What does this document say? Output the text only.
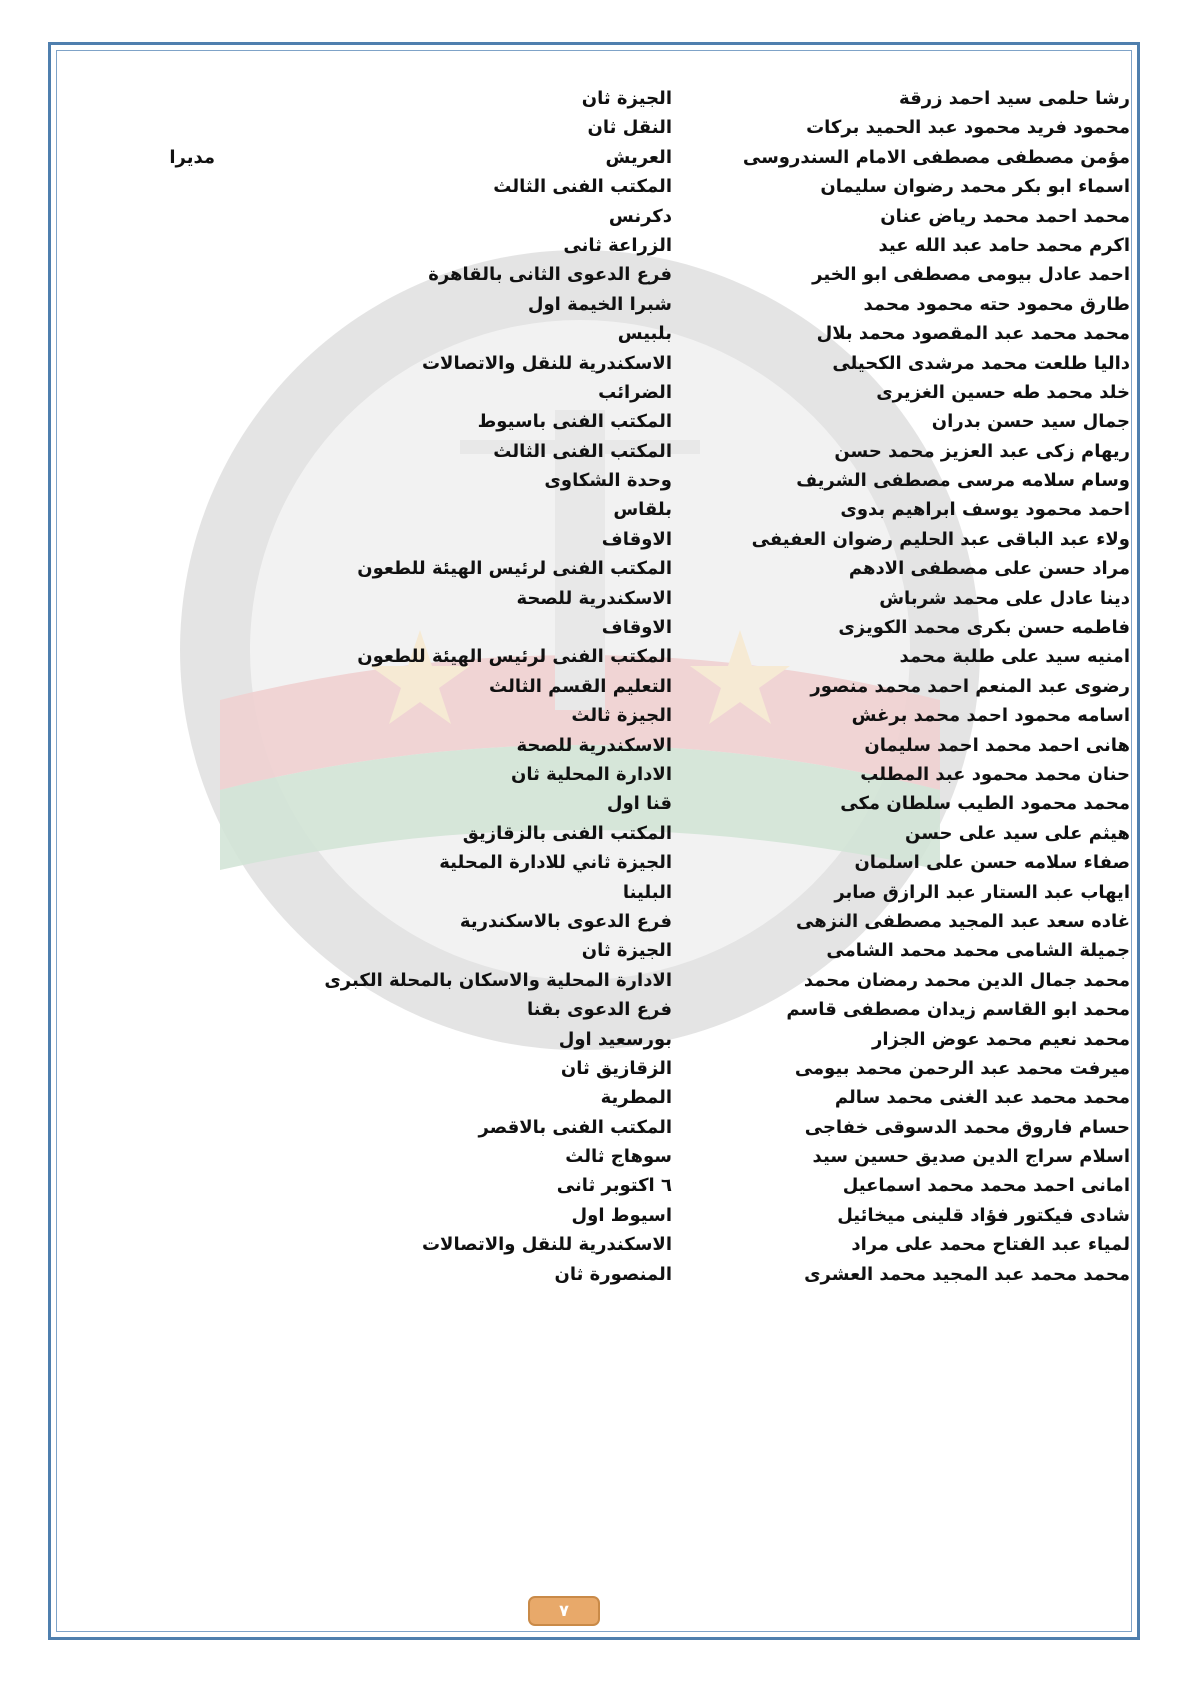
رشا حلمى سيد احمد زرقة
الجيزة ثان
محمود فريد محمود عبد الحميد بركات
النقل ثان
مؤمن مصطفى مصطفى الامام السندروسى
العريش
مديرا
اسماء ابو بكر محمد رضوان سليمان
المكتب الفنى الثالث
محمد احمد محمد رياض عنان
دكرنس
اكرم محمد حامد عبد الله عيد
الزراعة ثانى
احمد عادل بيومى مصطفى ابو الخير
فرع الدعوى الثانى بالقاهرة
طارق محمود حته محمود محمد
شبرا الخيمة اول
محمد محمد عبد المقصود محمد بلال
بلبيس
داليا طلعت محمد مرشدى الكحيلى
الاسكندرية للنقل والاتصالات
خلد محمد طه حسين الغزيرى
الضرائب
جمال سيد حسن بدران
المكتب الفنى باسيوط
ريهام زكى عبد العزيز محمد حسن
المكتب الفنى الثالث
وسام سلامه مرسى مصطفى الشريف
وحدة الشكاوى
احمد محمود يوسف ابراهيم بدوى
بلقاس
ولاء عبد الباقى عبد الحليم رضوان العفيفى
الاوقاف
مراد حسن على مصطفى الادهم
المكتب الفنى لرئيس الهيئة للطعون
دينا عادل على محمد شرباش
الاسكندرية للصحة
فاطمه حسن بكرى محمد الكويزى
الاوقاف
امنيه سيد على طلبة محمد
المكتب الفنى لرئيس الهيئة للطعون
رضوى عبد المنعم احمد محمد منصور
التعليم القسم الثالث
اسامه محمود احمد محمد برغش
الجيزة ثالث
هانى احمد محمد احمد سليمان
الاسكندرية للصحة
حنان محمد محمود عبد المطلب
الادارة المحلية ثان
محمد محمود الطيب سلطان مكى
قنا اول
هيثم على سيد على حسن
المكتب الفنى بالزقازيق
صفاء سلامه حسن على اسلمان
الجيزة ثاني للادارة المحلية
ايهاب عبد الستار عبد الرازق صابر
البلينا
غاده سعد عبد المجيد مصطفى النزهى
فرع الدعوى بالاسكندرية
جميلة الشامى محمد محمد الشامى
الجيزة ثان
محمد جمال الدين محمد رمضان محمد
الادارة المحلية والاسكان بالمحلة الكبرى
محمد ابو القاسم زيدان مصطفى قاسم
فرع الدعوى بقنا
محمد نعيم محمد عوض الجزار
بورسعيد اول
ميرفت محمد عبد الرحمن محمد بيومى
الزقازيق ثان
محمد محمد عبد الغنى محمد سالم
المطرية
حسام فاروق محمد الدسوقى خفاجى
المكتب الفنى بالاقصر
اسلام سراج الدين صديق حسين سيد
سوهاج ثالث
امانى احمد محمد محمد اسماعيل
٦ اكتوبر ثانى
شادى فيكتور فؤاد قلينى ميخائيل
اسيوط اول
لمياء عبد الفتاح محمد على مراد
الاسكندرية للنقل والاتصالات
محمد محمد عبد المجيد محمد العشرى
المنصورة ثان
٧
